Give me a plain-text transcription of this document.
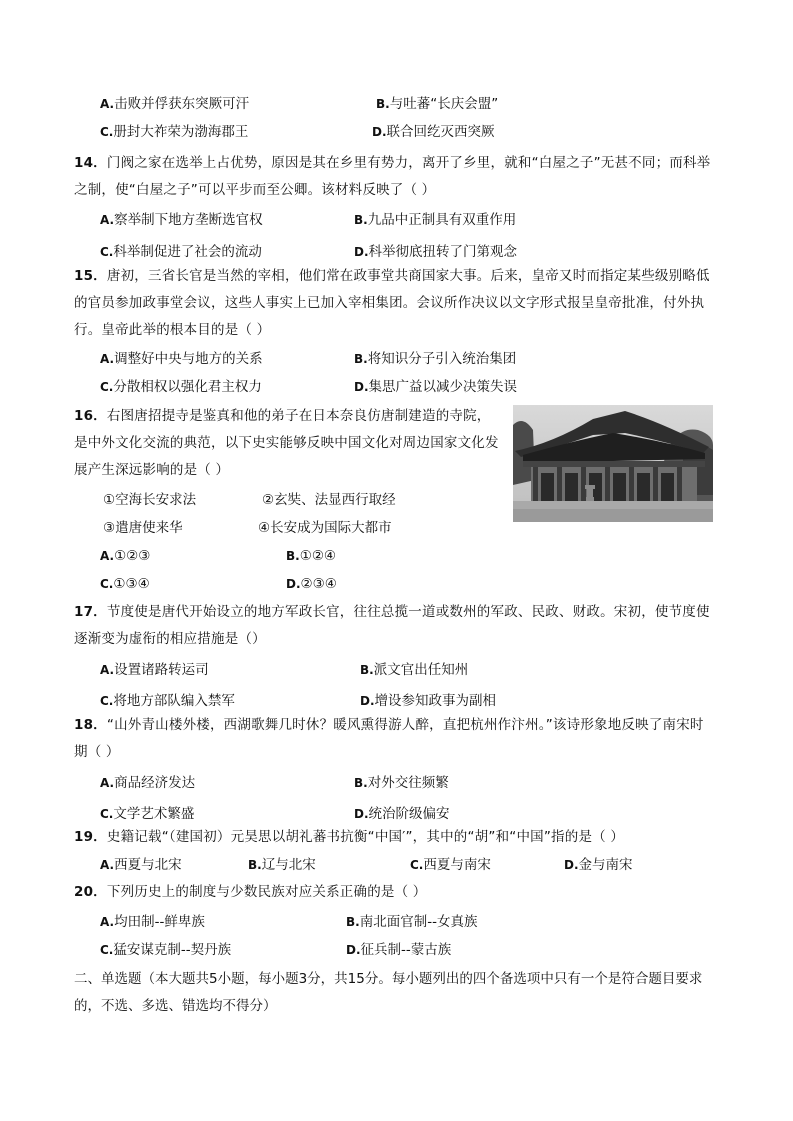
A.击败并俘获东突厥可汗	B.与吐蕃“长庆会盟”
C.册封大祚荣为渤海郡王	D.联合回纥灭西突厥
14．门阀之家在选举上占优势，原因是其在乡里有势力，离开了乡里，就和“白屋之子”无甚不同；而科举之制，使“白屋之子”可以平步而至公卿。该材料反映了（ ）
A.察举制下地方垄断选官权	B.九品中正制具有双重作用
C.科举制促进了社会的流动	D.科举彻底扭转了门第观念
15．唐初，三省长官是当然的宰相，他们常在政事堂共商国家大事。后来，皇帝又时而指定某些级别略低的官员参加政事堂会议，这些人事实上已加入宰相集团。会议所作决议以文字形式报呈皇帝批准，付外执行。皇帝此举的根本目的是（ ）
A.调整好中央与地方的关系	B.将知识分子引入统治集团
C.分散相权以强化君主权力	D.集思广益以减少决策失误
16．右图唐招提寺是鉴真和他的弟子在日本奈良仿唐制建造的寺院，是中外文化交流的典范，以下史实能够反映中国文化对周边国家文化发展产生深远影响的是（ ）
①空海长安求法	②玄奘、法显西行取经
③遣唐使来华	④长安成为国际大都市
A.①②③	B.①②④
C.①③④	D.②③④
17．节度使是唐代开始设立的地方军政长官，往往总揽一道或数州的军政、民政、财政。宋初，使节度使逐渐变为虚衔的相应措施是（）
A.设置诸路转运司	B.派文官出任知州
C.将地方部队编入禁军	D.增设参知政事为副相
18．“山外青山楼外楼，西湖歌舞几时休？暖风熏得游人醉，直把杭州作汴州。”该诗形象地反映了南宋时期（ ）
A.商品经济发达	B.对外交往频繁
C.文学艺术繁盛	D.统治阶级偏安
19．史籍记载“（建国初）元昊思以胡礼蕃书抗衡“中国′”，其中的“胡”和“中国”指的是（ ）
A.西夏与北宋	B.辽与北宋	C.西夏与南宋	D.金与南宋
20．下列历史上的制度与少数民族对应关系正确的是（ ）
A.均田制--鲜卑族	B.南北面官制--女真族
C.猛安谋克制--契丹族	D.征兵制--蒙古族
二、单选题（本大题共5小题，每小题3分，共15分。每小题列出的四个备选项中只有一个是符合题目要求的，不选、多选、错选均不得分）
